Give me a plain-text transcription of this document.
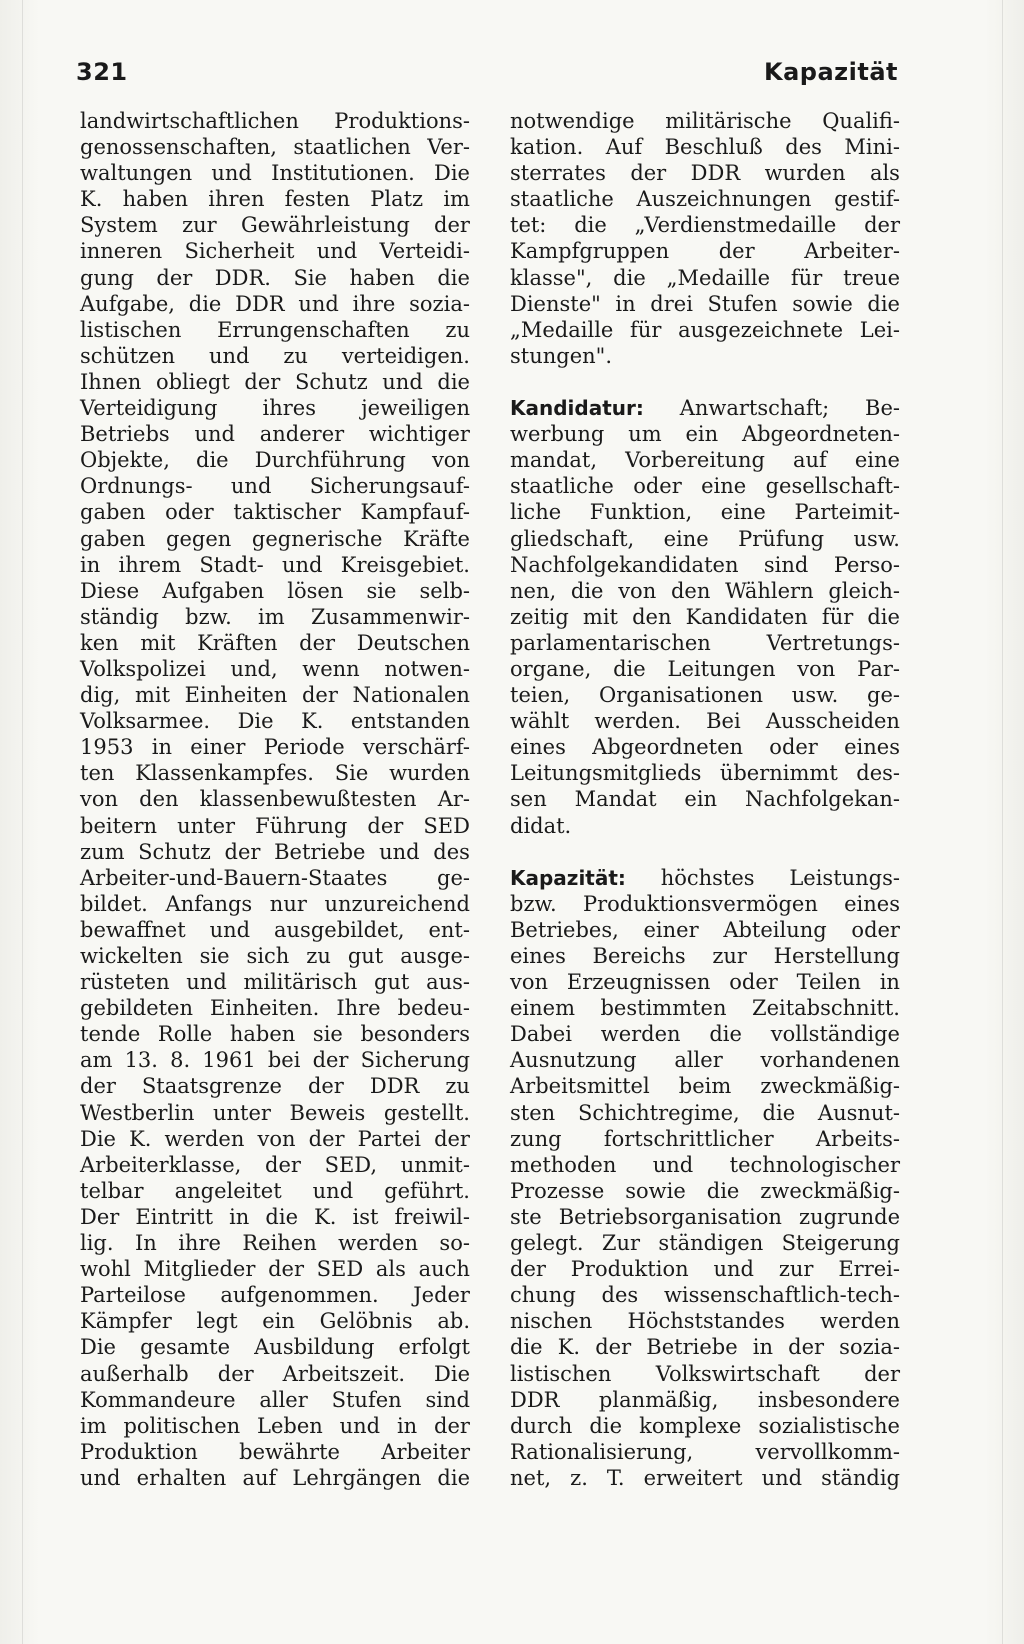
321	Kapazität
landwirtschaftlichen Produktions-
genossenschaften, staatlichen Ver-
waltungen und Institutionen. Die
K. haben ihren festen Platz im
System zur Gewährleistung der
inneren Sicherheit und Verteidi-
gung der DDR. Sie haben die
Aufgabe, die DDR und ihre sozia-
listischen Errungenschaften zu
schützen und zu verteidigen.
Ihnen obliegt der Schutz und die
Verteidigung ihres jeweiligen
Betriebs und anderer wichtiger
Objekte, die Durchführung von
Ordnungs- und Sicherungsauf-
gaben oder taktischer Kampfauf-
gaben gegen gegnerische Kräfte
in ihrem Stadt- und Kreisgebiet.
Diese Aufgaben lösen sie selb-
ständig bzw. im Zusammenwir-
ken mit Kräften der Deutschen
Volkspolizei und, wenn notwen-
dig, mit Einheiten der Nationalen
Volksarmee. Die K. entstanden
1953 in einer Periode verschärf-
ten Klassenkampfes. Sie wurden
von den klassenbewußtesten Ar-
beitern unter Führung der SED
zum Schutz der Betriebe und des
Arbeiter-und-Bauern-Staates ge-
bildet. Anfangs nur unzureichend
bewaffnet und ausgebildet, ent-
wickelten sie sich zu gut ausge-
rüsteten und militärisch gut aus-
gebildeten Einheiten. Ihre bedeu-
tende Rolle haben sie besonders
am 13. 8. 1961 bei der Sicherung
der Staatsgrenze der DDR zu
Westberlin unter Beweis gestellt.
Die K. werden von der Partei der
Arbeiterklasse, der SED, unmit-
telbar angeleitet und geführt.
Der Eintritt in die K. ist freiwil-
lig. In ihre Reihen werden so-
wohl Mitglieder der SED als auch
Parteilose aufgenommen. Jeder
Kämpfer legt ein Gelöbnis ab.
Die gesamte Ausbildung erfolgt
außerhalb der Arbeitszeit. Die
Kommandeure aller Stufen sind
im politischen Leben und in der
Produktion bewährte Arbeiter
und erhalten auf Lehrgängen die
notwendige militärische Qualifi-
kation. Auf Beschluß des Mini-
sterrates der DDR wurden als
staatliche Auszeichnungen gestif-
tet: die „Verdienstmedaille der
Kampfgruppen der Arbeiter-
klasse", die „Medaille für treue
Dienste" in drei Stufen sowie die
„Medaille für ausgezeichnete Lei-
stungen".
Kandidatur: Anwartschaft; Be-
werbung um ein Abgeordneten-
mandat, Vorbereitung auf eine
staatliche oder eine gesellschaft-
liche Funktion, eine Parteimit-
gliedschaft, eine Prüfung usw.
Nachfolgekandidaten sind Perso-
nen, die von den Wählern gleich-
zeitig mit den Kandidaten für die
parlamentarischen	Vertretungs-
organe, die Leitungen von Par-
teien, Organisationen usw. ge-
wählt werden. Bei Ausscheiden
eines Abgeordneten oder eines
Leitungsmitglieds übernimmt des-
sen Mandat ein Nachfolgekan-
didat.
Kapazität: höchstes Leistungs-
bzw. Produktionsvermögen eines
Betriebes, einer Abteilung oder
eines Bereichs zur Herstellung
von Erzeugnissen oder Teilen in
einem bestimmten Zeitabschnitt.
Dabei werden die vollständige
Ausnutzung aller vorhandenen
Arbeitsmittel beim zweckmäßig-
sten Schichtregime, die Ausnut-
zung fortschrittlicher Arbeits-
methoden und technologischer
Prozesse sowie die zweckmäßig-
ste Betriebsorganisation zugrunde
gelegt. Zur ständigen Steigerung
der Produktion und zur Errei-
chung des wissenschaftlich-tech-
nischen Höchststandes werden
die K. der Betriebe in der sozia-
listischen Volkswirtschaft der
DDR planmäßig, insbesondere
durch die komplexe sozialistische
Rationalisierung,	vervollkomm-
net, z. T. erweitert und ständig
